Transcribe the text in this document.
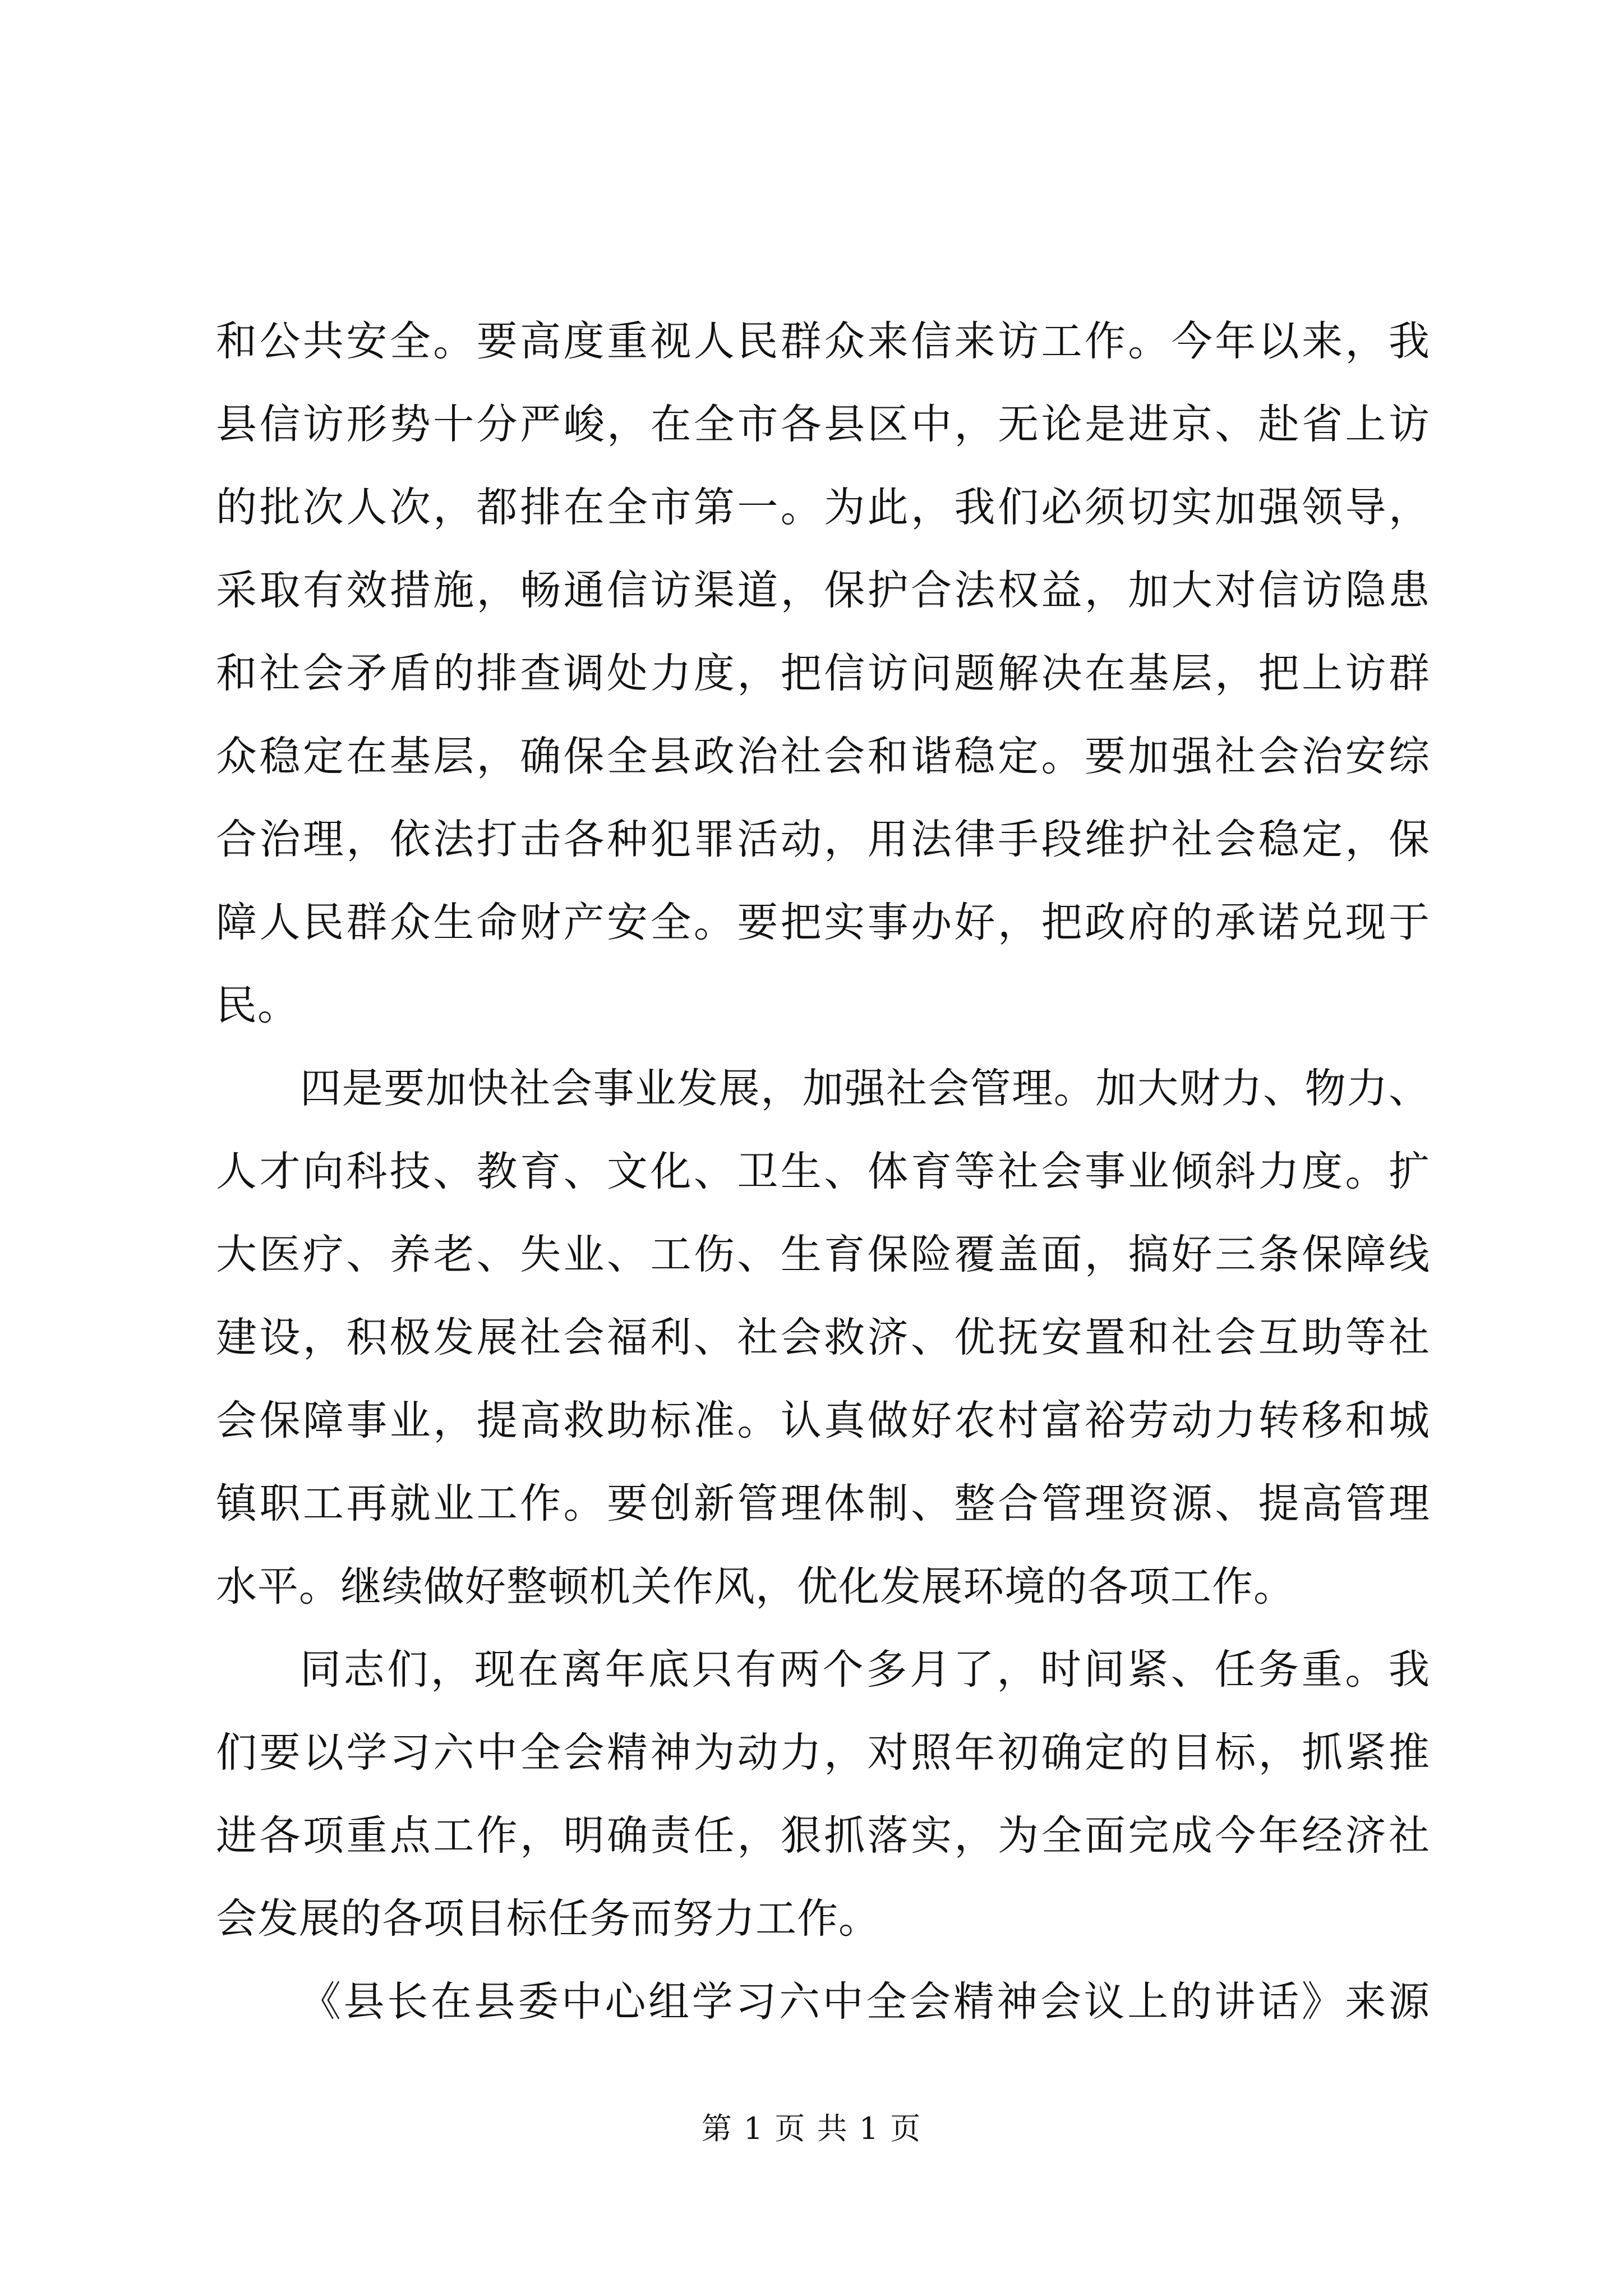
和公共安全。要高度重视人民群众来信来访工作。今年以来，我
县信访形势十分严峻，在全市各县区中，无论是进京、赴省上访
的批次人次，都排在全市第一。为此，我们必须切实加强领导，
采取有效措施，畅通信访渠道，保护合法权益，加大对信访隐患
和社会矛盾的排查调处力度，把信访问题解决在基层，把上访群
众稳定在基层，确保全县政治社会和谐稳定。要加强社会治安综
合治理，依法打击各种犯罪活动，用法律手段维护社会稳定，保
障人民群众生命财产安全。要把实事办好，把政府的承诺兑现于
民。
四是要加快社会事业发展，加强社会管理。加大财力、物力、
人才向科技、教育、文化、卫生、体育等社会事业倾斜力度。扩
大医疗、养老、失业、工伤、生育保险覆盖面，搞好三条保障线
建设，积极发展社会福利、社会救济、优抚安置和社会互助等社
会保障事业，提高救助标准。认真做好农村富裕劳动力转移和城
镇职工再就业工作。要创新管理体制、整合管理资源、提高管理
水平。继续做好整顿机关作风，优化发展环境的各项工作。
同志们，现在离年底只有两个多月了，时间紧、任务重。我
们要以学习六中全会精神为动力，对照年初确定的目标，抓紧推
进各项重点工作，明确责任，狠抓落实，为全面完成今年经济社
会发展的各项目标任务而努力工作。
《县长在县委中心组学习六中全会精神会议上的讲话》来源
第 1 页 共 1 页
